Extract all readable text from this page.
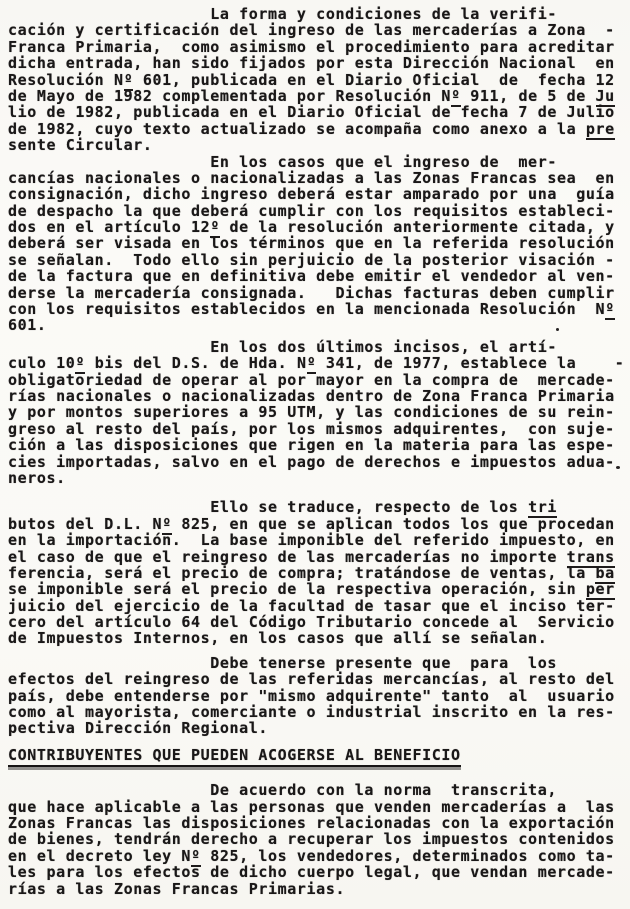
La forma y condiciones de la verifi-
cación y certificación del ingreso de las mercaderías a Zona  -
Franca Primaria,  como asimismo el procedimiento para acreditar
dicha entrada, han sido fijados por esta Dirección Nacional  en
Resolución Nº 601, publicada en el Diario Oficial  de  fecha 12
de Mayo de 1982 complementada por Resolución Nº 911, de 5 de Ju
lio de 1982, publicada en el Diario Oficial de fecha 7 de Julio
de 1982, cuyo texto actualizado se acompaña como anexo a la pre
sente Circular.
En los casos que el ingreso de  mer-
cancías nacionales o nacionalizadas a las Zonas Francas sea  en
consignación, dicho ingreso deberá estar amparado por una  guía
de despacho la que deberá cumplir con los requisitos estableci-
dos en el artículo 12º de la resolución anteriormente citada, y
deberá ser visada en los términos que en la referida resolución
se señalan.  Todo ello sin perjuicio de la posterior visación -
de la factura que en definitiva debe emitir el vendedor al ven-
derse la mercadería consignada.   Dichas facturas deben cumplir
con los requisitos establecidos en la mencionada Resolución  Nº
601.
En los dos últimos incisos, el artí-
culo 10º bis del D.S. de Hda. Nº 341, de 1977, establece la    -
obligatoriedad de operar al por mayor en la compra de  mercade-
rías nacionales o nacionalizadas dentro de Zona Franca Primaria
y por montos superiores a 95 UTM, y las condiciones de su rein-
greso al resto del país, por los mismos adquirentes,  con suje-
ción a las disposiciones que rigen en la materia para las espe-
cies importadas, salvo en el pago de derechos e impuestos adua-
neros.
Ello se traduce, respecto de los tri
butos del D.L. Nº 825, en que se aplican todos los que procedan
en la importación.  La base imponible del referido impuesto, en
el caso de que el reingreso de las mercaderías no importe trans
ferencia, será el precio de compra; tratándose de ventas, la ba
se imponible será el precio de la respectiva operación, sin per
juicio del ejercicio de la facultad de tasar que el inciso ter-
cero del artículo 64 del Código Tributario concede al  Servicio
de Impuestos Internos, en los casos que allí se señalan.
Debe tenerse presente que  para  los
efectos del reingreso de las referidas mercancías, al resto del
país, debe entenderse por "mismo adquirente" tanto  al  usuario
como al mayorista, comerciante o industrial inscrito en la res-
pectiva Dirección Regional.
CONTRIBUYENTES QUE PUEDEN ACOGERSE AL BENEFICIO
De acuerdo con la norma  transcrita,
que hace aplicable a las personas que venden mercaderías a  las
Zonas Francas las disposiciones relacionadas con la exportación
de bienes, tendrán derecho a recuperar los impuestos contenidos
en el decreto ley Nº 825, los vendedores, determinados como ta-
les para los efectos de dicho cuerpo legal, que vendan mercade-
rías a las Zonas Francas Primarias.
